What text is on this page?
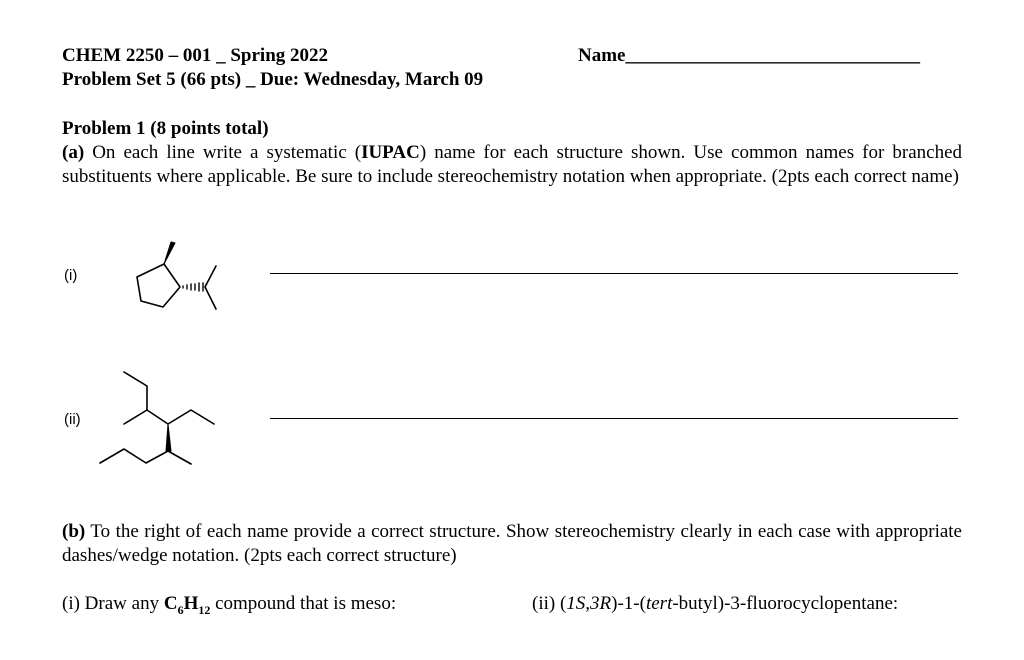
CHEM 2250 – 001 _ Spring 2022	Name_______________________________
Problem Set 5 (66 pts) _ Due: Wednesday, March 09
Problem 1 (8 points total)
(a) On each line write a systematic (IUPAC) name for each structure shown. Use common names for branched substituents where applicable. Be sure to include stereochemistry notation when appropriate. (2pts each correct name)
(i)
(ii)
(b) To the right of each name provide a correct structure. Show stereochemistry clearly in each case with appropriate dashes/wedge notation. (2pts each correct structure)
(i) Draw any $C_6H_{12}$ compound that is meso:	(ii) (1S,3R)-1-(tert-butyl)-3-fluorocyclopentane:
